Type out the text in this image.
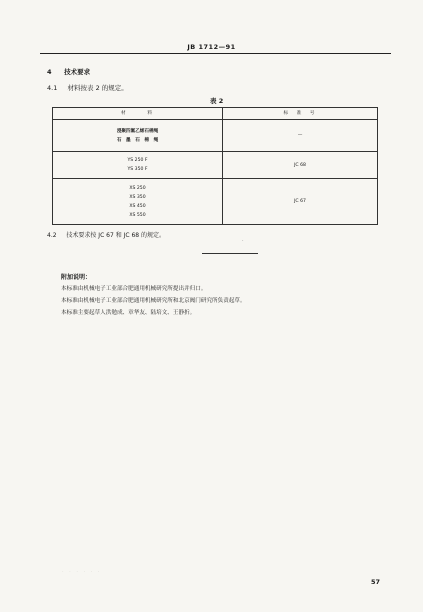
JB 1712—91
4 技术要求
4.1 材料按表 2 的规定。
表 2
材　　　料	标　准　号

浸聚四氟乙烯石棉绳
石　墨　石　棉　绳	—

YS 250 F
YS 350 F	JC 68

XS 250
XS 350
XS 450
XS 550	JC 67
4.2 技术要求按 JC 67 和 JC 68 的规定。
·
附加说明：
本标准由机械电子工业部合肥通用机械研究所提出并归口。
本标准由机械电子工业部合肥通用机械研究所和北京阀门研究所负责起草。
本标准主要起草人洪勉成、章华友、陆培文、王静折。
· · · · · ·
57
